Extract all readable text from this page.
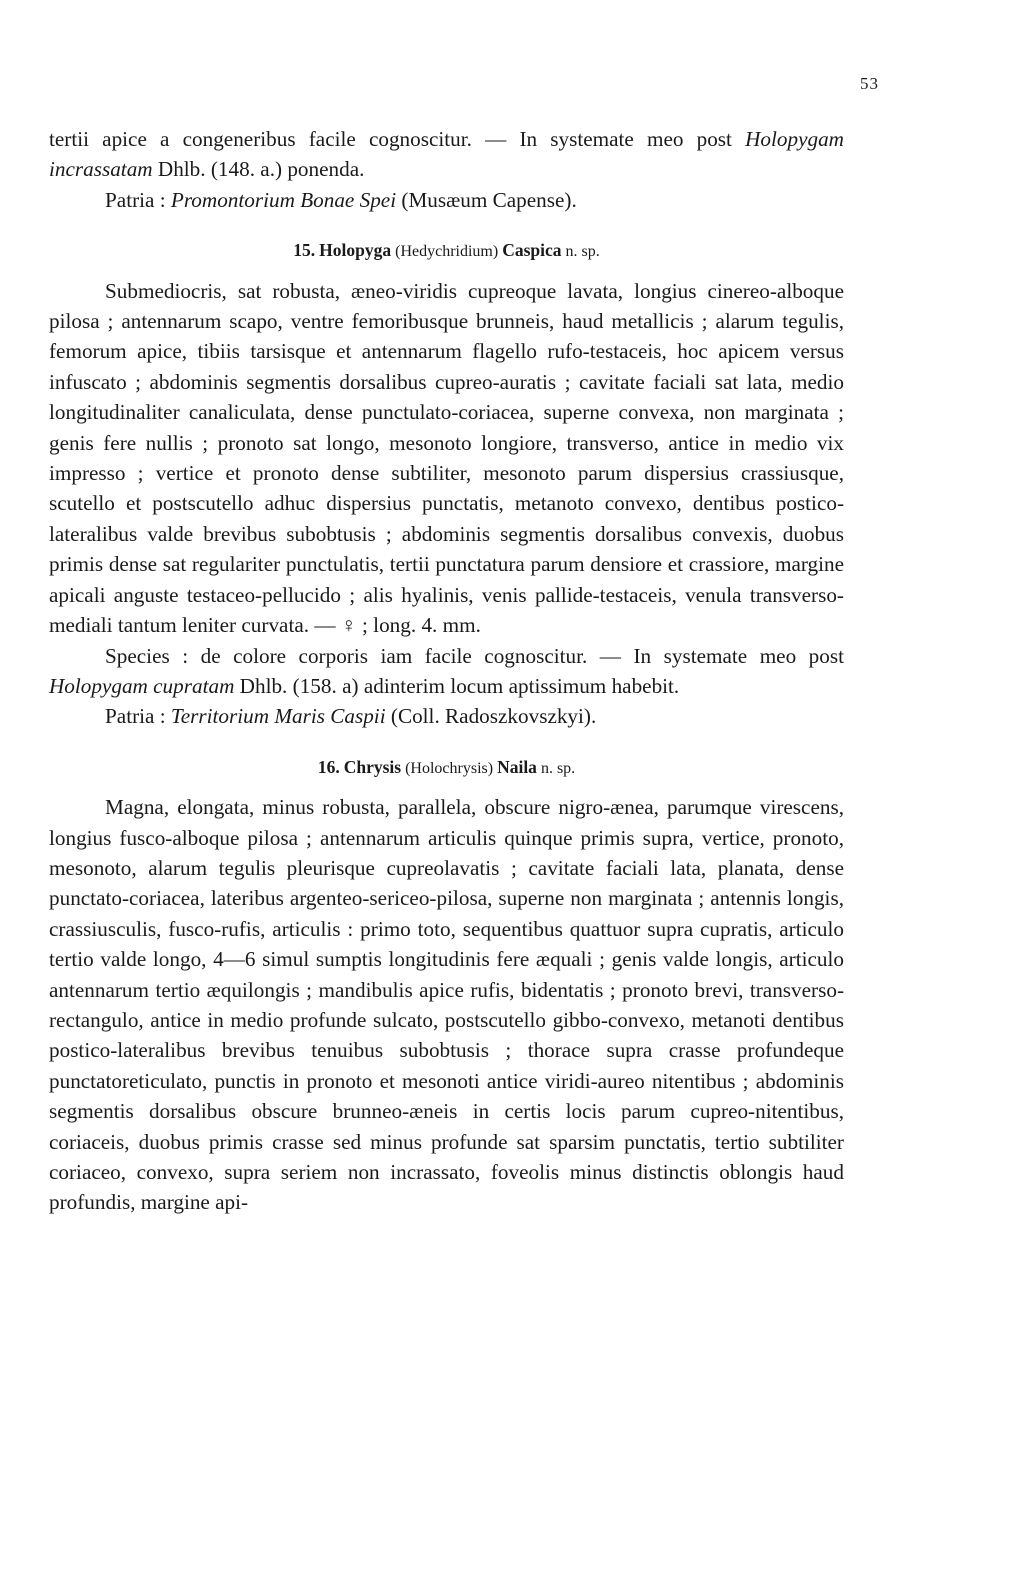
53

tertii apice a congeneribus facile cognoscitur. — In systemate meo post Holopygam incrassatam Dhlb. (148. a.) ponenda.

Patria : Promontorium Bonae Spei (Musæum Capense).

15. Holopyga (Hedychridium) Caspica n. sp.

Submediocris, sat robusta, æneo-viridis cupreoque lavata, longius cinereo-alboque pilosa ; antennarum scapo, ventre femoribusque brunneis, haud metallicis ; alarum tegulis, femorum apice, tibiis tarsisque et antennarum flagello rufo-testaceis, hoc apicem versus infuscato ; abdominis segmentis dorsalibus cupreo-auratis ; cavitate faciali sat lata, medio longitudinaliter canaliculata, dense punctulato-coriacea, superne convexa, non marginata ; genis fere nullis ; pronoto sat longo, mesonoto longiore, transverso, antice in medio vix impresso ; vertice et pronoto dense subtiliter, mesonoto parum dispersius crassiusque, scutello et postscutello adhuc dispersius punctatis, metanoto convexo, dentibus postico-lateralibus valde brevibus subobtusis ; abdominis segmentis dorsalibus convexis, duobus primis dense sat regulariter punctulatis, tertii punctatura parum densiore et crassiore, margine apicali anguste testaceo-pellucido ; alis hyalinis, venis pallide-testaceis, venula transverso-mediali tantum leniter curvata. — ♀ ; long. 4. mm.

Species : de colore corporis iam facile cognoscitur. — In systemate meo post Holopygam cupratam Dhlb. (158. a) adinterim locum aptissimum habebit.

Patria : Territorium Maris Caspii (Coll. Radoszkovszkyi).

16. Chrysis (Holochrysis) Naila n. sp.

Magna, elongata, minus robusta, parallela, obscure nigro-ænea, parumque virescens, longius fusco-alboque pilosa ; antennarum articulis quinque primis supra, vertice, pronoto, mesonoto, alarum tegulis pleurisque cupreolavatis ; cavitate faciali lata, planata, dense punctato-coriacea, lateribus argenteo-sericeo-pilosa, superne non marginata ; antennis longis, crassiusculis, fusco-rufis, articulis : primo toto, sequentibus quattuor supra cupratis, articulo tertio valde longo, 4—6 simul sumptis longitudinis fere æquali ; genis valde longis, articulo antennarum tertio æquilongis ; mandibulis apice rufis, bidentatis ; pronoto brevi, transverso-rectangulo, antice in medio profunde sulcato, postscutello gibbo-convexo, metanoti dentibus postico-lateralibus brevibus tenuibus subobtusis ; thorace supra crasse profundeque punctatoreticulato, punctis in pronoto et mesonoti antice viridi-aureo nitentibus ; abdominis segmentis dorsalibus obscure brunneo-æneis in certis locis parum cupreo-nitentibus, coriaceis, duobus primis crasse sed minus profunde sat sparsim punctatis, tertio subtiliter coriaceo, convexo, supra seriem non incrassato, foveolis minus distinctis oblongis haud profundis, margine api-
